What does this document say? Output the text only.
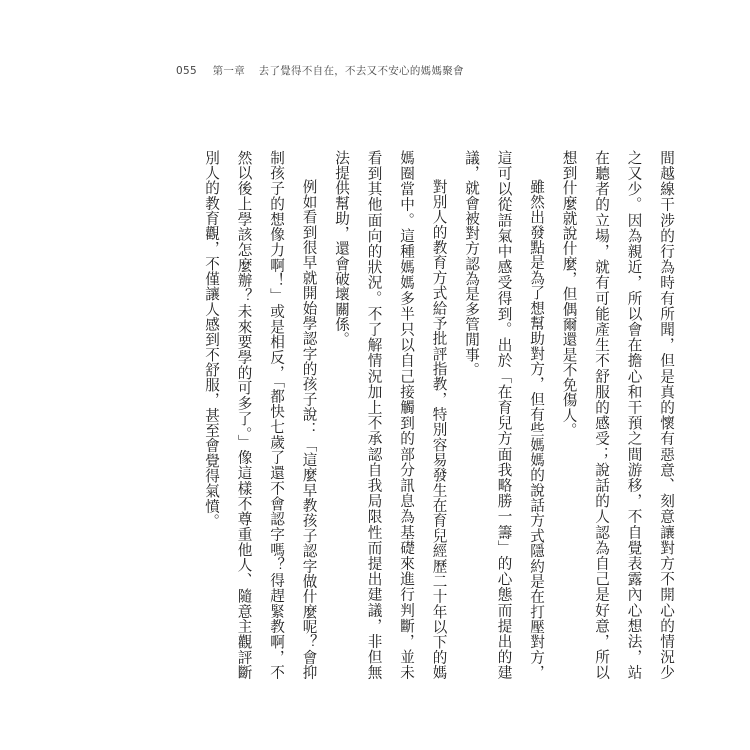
055 第一章 去了覺得不自在，不去又不安心的媽媽聚會

間越線干涉的行為時有所聞，但是真的懷有惡意、刻意讓對方不開心的情況少之又少。因為親近，所以會在擔心和干預之間游移，不自覺表露內心想法，站在聽者的立場，就有可能產生不舒服的感受；說話的人認為自己是好意，所以想到什麼就說什麼，但偶爾還是不免傷人。

雖然出發點是為了想幫助對方，但有些媽媽的說話方式隱約是在打壓對方，這可以從語氣中感受得到。出於「在育兒方面我略勝一籌」的心態而提出的建議，就會被對方認為是多管閒事。

對別人的教育方式給予批評指教，特別容易發生在育兒經歷二十年以下的媽媽圈當中。這種媽媽多半只以自己接觸到的部分訊息為基礎來進行判斷，並未看到其他面向的狀況。不了解情況加上不承認自我局限性而提出建議，非但無法提供幫助，還會破壞關係。

例如看到很早就開始學認字的孩子說：「這麼早教孩子認字做什麼呢？會抑制孩子的想像力啊！」或是相反，「都快七歲了還不會認字嗎？得趕緊教啊，不然以後上學該怎麼辦？未來要學的可多了。」像這樣不尊重他人、隨意主觀評斷別人的教育觀，不僅讓人感到不舒服，甚至會覺得氣憤。
